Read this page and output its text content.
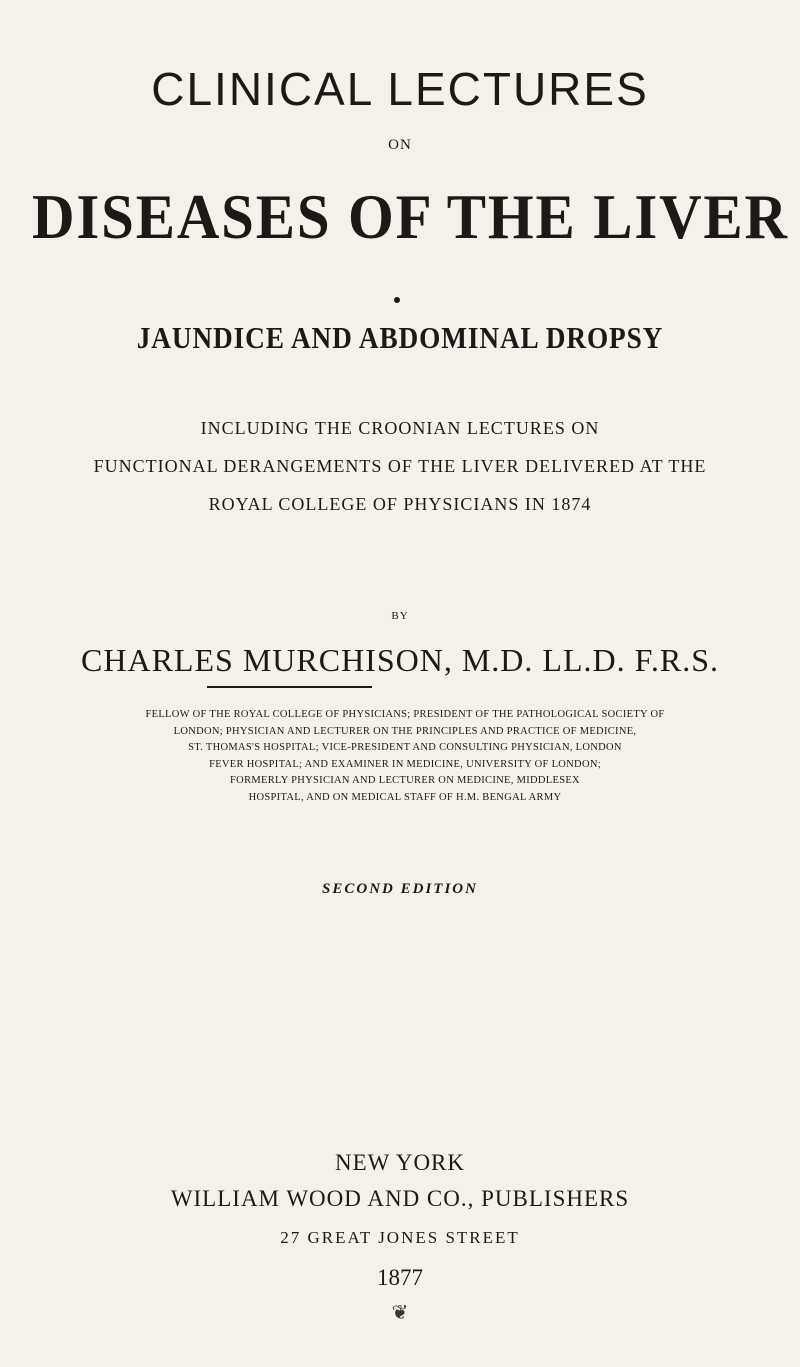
CLINICAL LECTURES
ON
DISEASES OF THE LIVER
JAUNDICE AND ABDOMINAL DROPSY
INCLUDING THE CROONIAN LECTURES ON
FUNCTIONAL DERANGEMENTS OF THE LIVER DELIVERED AT THE
ROYAL COLLEGE OF PHYSICIANS IN 1874
BY
CHARLES MURCHISON, M.D. LL.D. F.R.S.
FELLOW OF THE ROYAL COLLEGE OF PHYSICIANS; PRESIDENT OF THE PATHOLOGICAL SOCIETY OF
LONDON; PHYSICIAN AND LECTURER ON THE PRINCIPLES AND PRACTICE OF MEDICINE,
ST. THOMAS'S HOSPITAL; VICE-PRESIDENT AND CONSULTING PHYSICIAN, LONDON
FEVER HOSPITAL; AND EXAMINER IN MEDICINE, UNIVERSITY OF LONDON;
FORMERLY PHYSICIAN AND LECTURER ON MEDICINE, MIDDLESEX
HOSPITAL, AND ON MEDICAL STAFF OF H.M. BENGAL ARMY
SECOND EDITION
NEW YORK
WILLIAM WOOD AND CO., PUBLISHERS
27 GREAT JONES STREET
1877
❦
